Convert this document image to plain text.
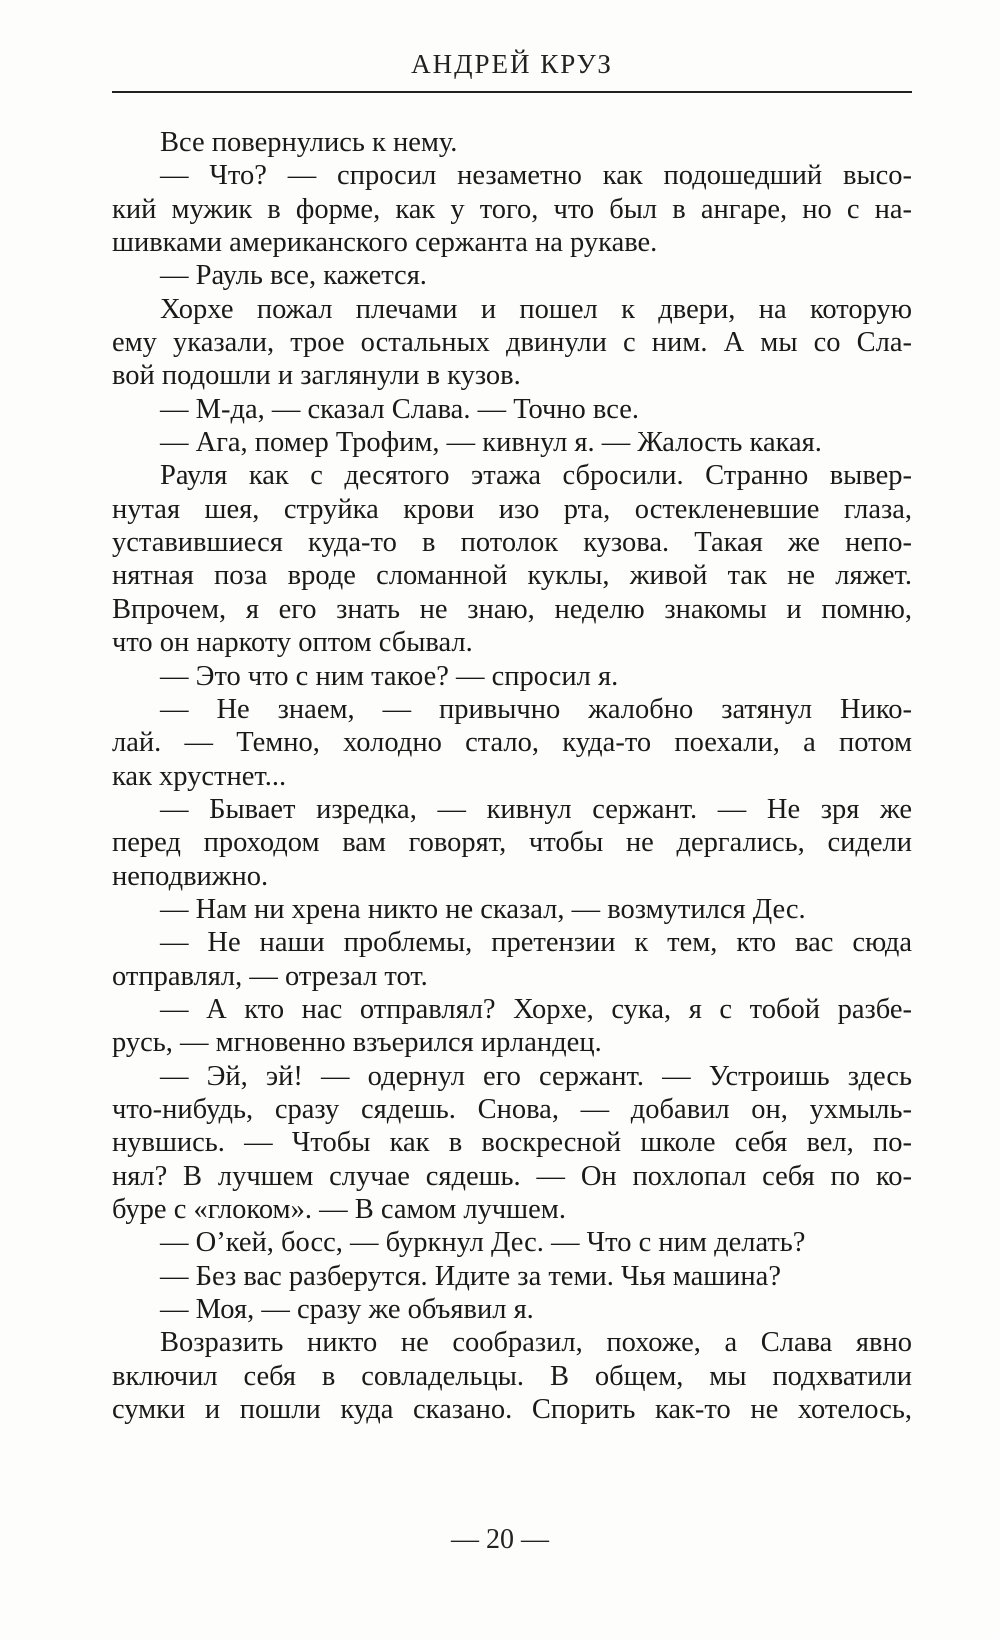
АНДРЕЙ КРУЗ
Все повернулись к нему.
— Что? — спросил незаметно как подошедший высо-
кий мужик в форме, как у того, что был в ангаре, но с на-
шивками американского сержанта на рукаве.
— Рауль все, кажется.
Хорхе пожал плечами и пошел к двери, на которую
ему указали, трое остальных двинули с ним. А мы со Сла-
вой подошли и заглянули в кузов.
— М-да, — сказал Слава. — Точно все.
— Ага, помер Трофим, — кивнул я. — Жалость какая.
Рауля как с десятого этажа сбросили. Странно вывер-
нутая шея, струйка крови изо рта, остекленевшие глаза,
уставившиеся куда-то в потолок кузова. Такая же непо-
нятная поза вроде сломанной куклы, живой так не ляжет.
Впрочем, я его знать не знаю, неделю знакомы и помню,
что он наркоту оптом сбывал.
— Это что с ним такое? — спросил я.
— Не знаем, — привычно жалобно затянул Нико-
лай. — Темно, холодно стало, куда-то поехали, а потом
как хрустнет...
— Бывает изредка, — кивнул сержант. — Не зря же
перед проходом вам говорят, чтобы не дергались, сидели
неподвижно.
— Нам ни хрена никто не сказал, — возмутился Дес.
— Не наши проблемы, претензии к тем, кто вас сюда
отправлял, — отрезал тот.
— А кто нас отправлял? Хорхе, сука, я с тобой разбе-
русь, — мгновенно взъерился ирландец.
— Эй, эй! — одернул его сержант. — Устроишь здесь
что-нибудь, сразу сядешь. Снова, — добавил он, ухмыль-
нувшись. — Чтобы как в воскресной школе себя вел, по-
нял? В лучшем случае сядешь. — Он похлопал себя по ко-
буре с «глоком». — В самом лучшем.
— О’кей, босс, — буркнул Дес. — Что с ним делать?
— Без вас разберутся. Идите за теми. Чья машина?
— Моя, — сразу же объявил я.
Возразить никто не сообразил, похоже, а Слава явно
включил себя в совладельцы. В общем, мы подхватили
сумки и пошли куда сказано. Спорить как-то не хотелось,
— 20 —
